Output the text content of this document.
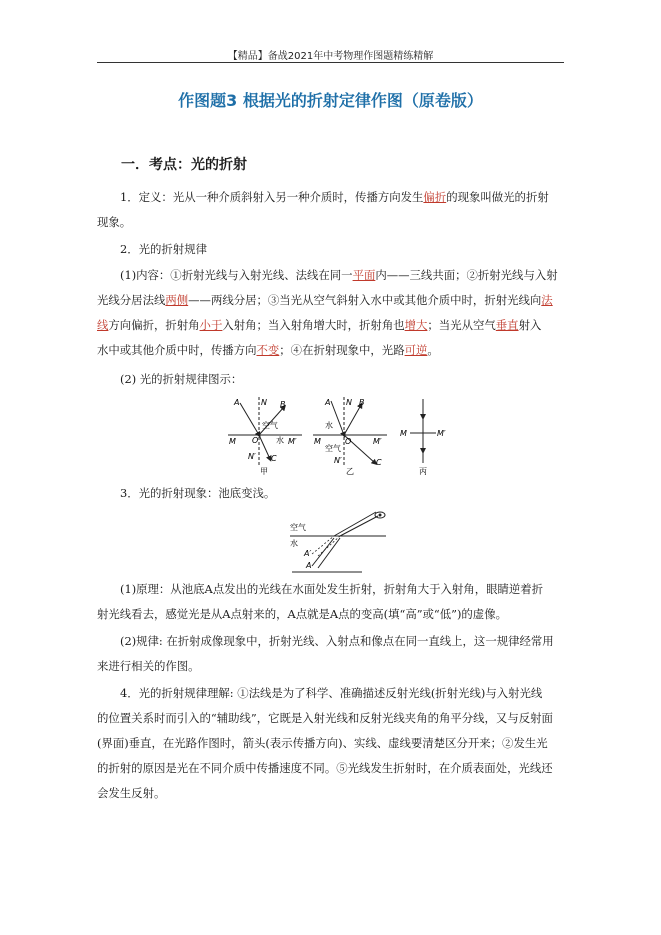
【精品】备战2021年中考物理作图题精练精解
作图题3 根据光的折射定律作图（原卷版）
一．考点：光的折射
1．定义：光从一种介质斜射入另一种介质时，传播方向发生偏折的现象叫做光的折射
现象。
2．光的折射规律
(1)内容：①折射光线与入射光线、法线在同一平面内——三线共面；②折射光线与入射
光线分居法线两侧——两线分居；③当光从空气斜射入水中或其他介质中时，折射光线向法
线方向偏折，折射角小于入射角；当入射角增大时，折射角也增大；当光从空气垂直射入
水中或其他介质中时，传播方向不变；④在折射现象中，光路可逆。
(2) 光的折射规律图示：
A	N
空气
水
M	M′
O
N′ C
B
甲
A N
水
空气
M	M′
O
N′	C
B
乙
M	M′
丙
3．光的折射现象：池底变浅。
空气
水
A′
A
(1)原理：从池底A点发出的光线在水面处发生折射，折射角大于入射角，眼睛逆着折
射光线看去，感觉光是从A点射来的，A点就是A点的变高(填“高”或“低”)的虚像。
(2)规律: 在折射成像现象中，折射光线、入射点和像点在同一直线上，这一规律经常用
来进行相关的作图。
4．光的折射规律理解: ①法线是为了科学、准确描述反射光线(折射光线)与入射光线
的位置关系时而引入的“辅助线”，它既是入射光线和反射光线夹角的角平分线，又与反射面
(界面)垂直，在光路作图时，箭头(表示传播方向)、实线、虚线要清楚区分开来；②发生光
的折射的原因是光在不同介质中传播速度不同。⑤光线发生折射时，在介质表面处，光线还
会发生反射。
